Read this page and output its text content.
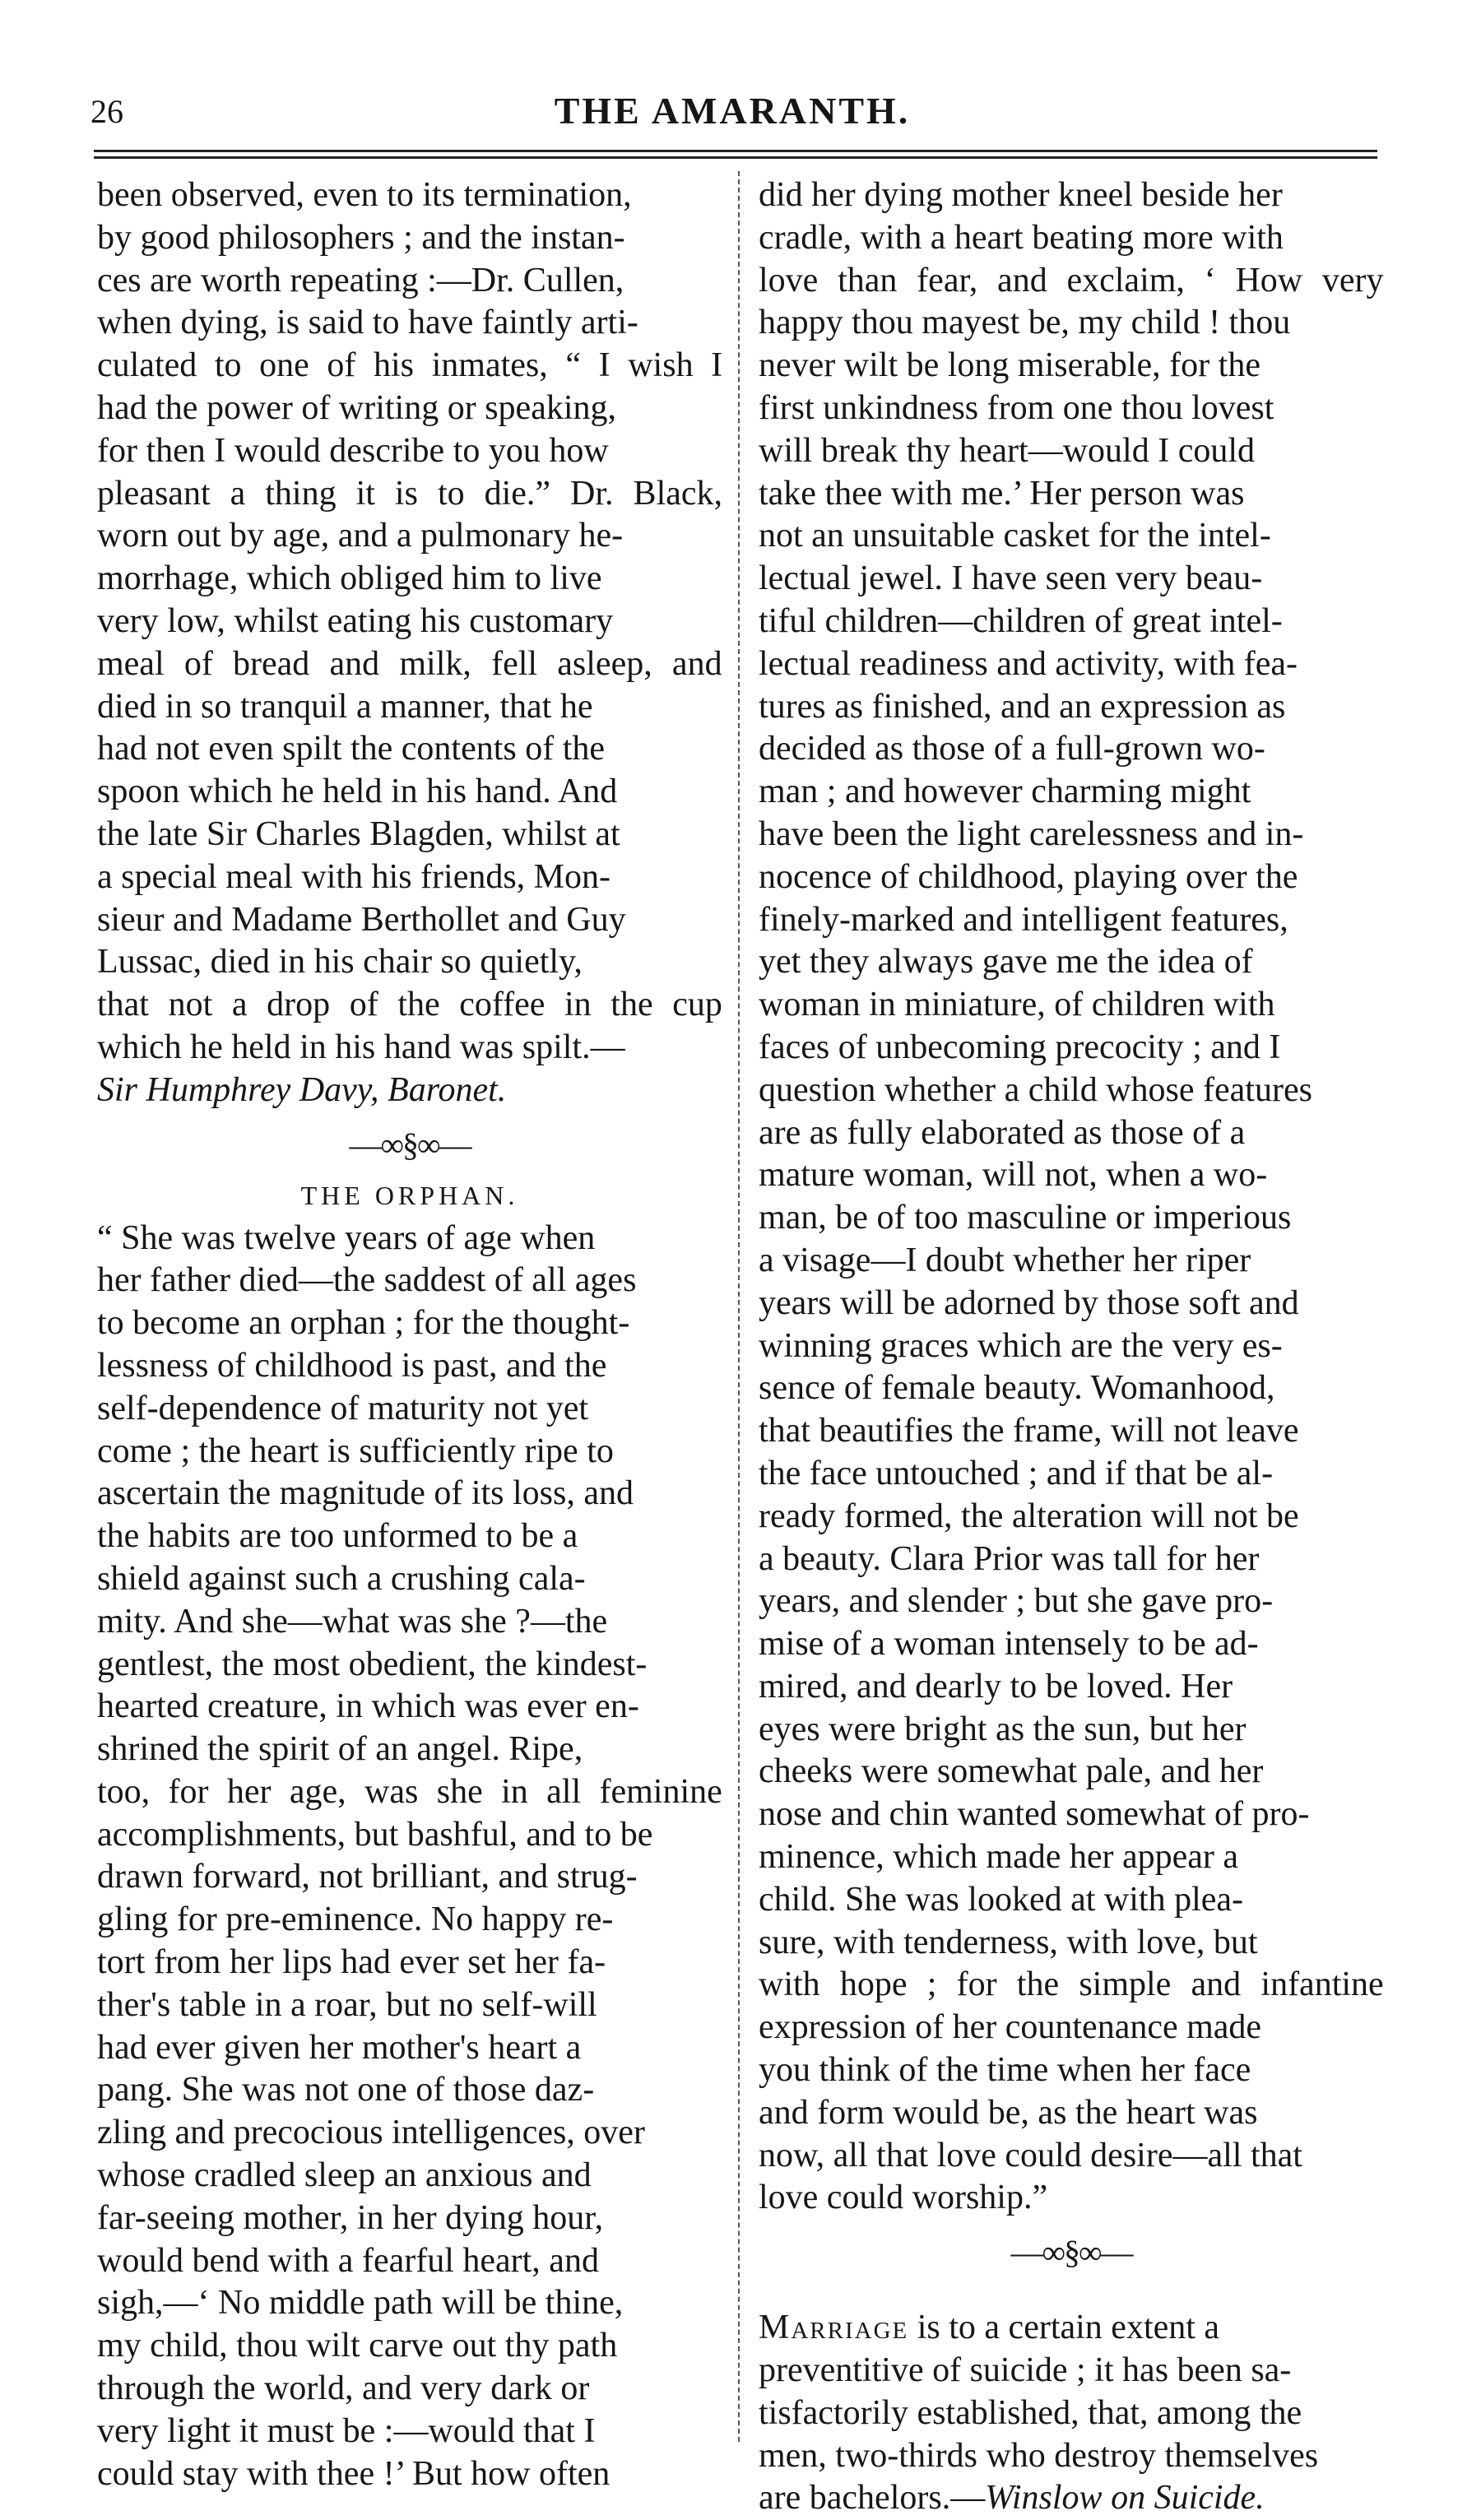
26	THE AMARANTH.
been observed, even to its termination,
by good philosophers ; and the instan-
ces are worth repeating :—Dr. Cullen,
when dying, is said to have faintly arti-
culated to one of his inmates, “ I wish I
had the power of writing or speaking,
for then I would describe to you how
pleasant a thing it is to die.” Dr. Black,
worn out by age, and a pulmonary he-
morrhage, which obliged him to live
very low, whilst eating his customary
meal of bread and milk, fell asleep, and
died in so tranquil a manner, that he
had not even spilt the contents of the
spoon which he held in his hand. And
the late Sir Charles Blagden, whilst at
a special meal with his friends, Mon-
sieur and Madame Berthollet and Guy
Lussac, died in his chair so quietly,
that not a drop of the coffee in the cup
which he held in his hand was spilt.—
Sir Humphrey Davy, Baronet.
—∞§∞—
THE ORPHAN.
“ She was twelve years of age when
her father died—the saddest of all ages
to become an orphan ; for the thought-
lessness of childhood is past, and the
self-dependence of maturity not yet
come ; the heart is sufficiently ripe to
ascertain the magnitude of its loss, and
the habits are too unformed to be a
shield against such a crushing cala-
mity. And she—what was she ?—the
gentlest, the most obedient, the kindest-
hearted creature, in which was ever en-
shrined the spirit of an angel. Ripe,
too, for her age, was she in all feminine
accomplishments, but bashful, and to be
drawn forward, not brilliant, and strug-
gling for pre-eminence. No happy re-
tort from her lips had ever set her fa-
ther's table in a roar, but no self-will
had ever given her mother's heart a
pang. She was not one of those daz-
zling and precocious intelligences, over
whose cradled sleep an anxious and
far-seeing mother, in her dying hour,
would bend with a fearful heart, and
sigh,—‘ No middle path will be thine,
my child, thou wilt carve out thy path
through the world, and very dark or
very light it must be :—would that I
could stay with thee !’ But how often
did her dying mother kneel beside her
cradle, with a heart beating more with
love than fear, and exclaim, ‘ How very
happy thou mayest be, my child ! thou
never wilt be long miserable, for the
first unkindness from one thou lovest
will break thy heart—would I could
take thee with me.’ Her person was
not an unsuitable casket for the intel-
lectual jewel. I have seen very beau-
tiful children—children of great intel-
lectual readiness and activity, with fea-
tures as finished, and an expression as
decided as those of a full-grown wo-
man ; and however charming might
have been the light carelessness and in-
nocence of childhood, playing over the
finely-marked and intelligent features,
yet they always gave me the idea of
woman in miniature, of children with
faces of unbecoming precocity ; and I
question whether a child whose features
are as fully elaborated as those of a
mature woman, will not, when a wo-
man, be of too masculine or imperious
a visage—I doubt whether her riper
years will be adorned by those soft and
winning graces which are the very es-
sence of female beauty. Womanhood,
that beautifies the frame, will not leave
the face untouched ; and if that be al-
ready formed, the alteration will not be
a beauty. Clara Prior was tall for her
years, and slender ; but she gave pro-
mise of a woman intensely to be ad-
mired, and dearly to be loved. Her
eyes were bright as the sun, but her
cheeks were somewhat pale, and her
nose and chin wanted somewhat of pro-
minence, which made her appear a
child. She was looked at with plea-
sure, with tenderness, with love, but
with hope ; for the simple and infantine
expression of her countenance made
you think of the time when her face
and form would be, as the heart was
now, all that love could desire—all that
love could worship.”
—∞§∞—
Marriage is to a certain extent a
preventitive of suicide ; it has been sa-
tisfactorily established, that, among the
men, two-thirds who destroy themselves
are bachelors.—Winslow on Suicide.
